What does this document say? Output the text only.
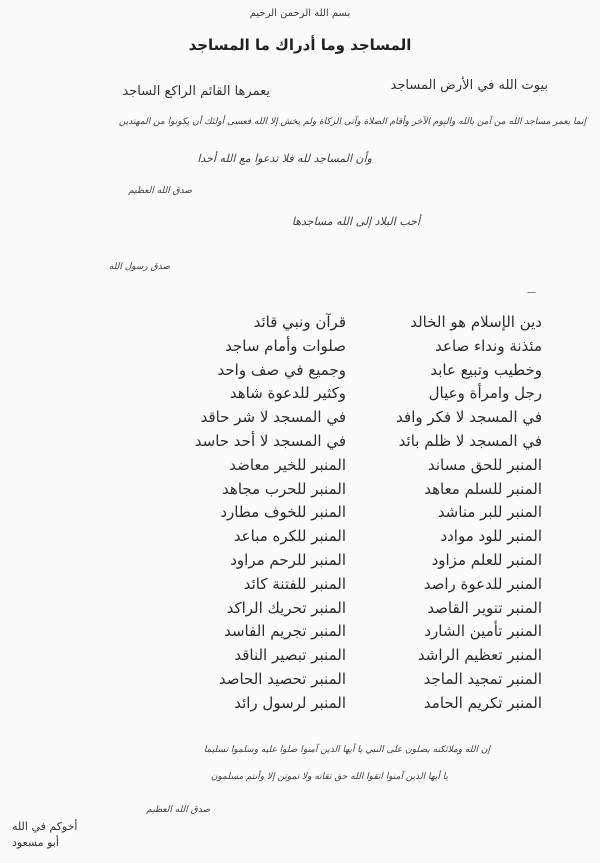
بسم الله الرحمن الرحيم
المساجد وما أدراك ما المساجد
بيوت الله في الأرض المساجد
يعمرها القائم الراكع الساجد
إنما يعمر مساجد الله من آمن بالله واليوم الآخر وأقام الصلاة وآتى الزكاة ولم يخش إلا الله فعسى أولئك أن يكونوا من المهتدين
وأن المساجد لله فلا تدعوا مع الله أحدا
صدق الله العظيم
أحب البلاد إلى الله مساجدها
صدق رسول الله
—
دين الإسلام هو الخالد
مئذنة ونداء صاعد
وخطيب وتبيع عابد
رجل وامرأة وعيال
في المسجد لا فكر وافد
في المسجد لا ظلم بائد
المنبر للحق مساند
المنبر للسلم معاهد
المنبر للبر مناشد
المنبر للود موادد
المنبر للعلم مزاود
المنبر للدعوة راصد
المنبر تنوير القاصد
المنبر تأمين الشارد
المنبر تعظيم الراشد
المنبر تمجيد الماجد
المنبر تكريم الحامد
قرآن ونبي قائد
صلوات وأمام ساجد
وجميع في صف واحد
وكثير للدعوة شاهد
في المسجد لا شر حاقد
في المسجد لا أحد حاسد
المنبر للخير معاضد
المنبر للحرب مجاهد
المنبر للخوف مطارد
المنبر للكره مباعد
المنبر للرحم مراود
المنبر للفتنة كائد
المنبر تحريك الراكد
المنبر تجريم الفاسد
المنبر تبصير الناقد
المنبر تحصيد الحاصد
المنبر لرسول رائد
إن الله وملائكته يصلون على النبي يا أيها الذين آمنوا صلوا عليه وسلموا تسليما
يا أيها الذين آمنوا اتقوا الله حق تقاته ولا تموتن إلا وأنتم مسلمون
صدق الله العظيم
أخوكم في الله
أبو مسعود
